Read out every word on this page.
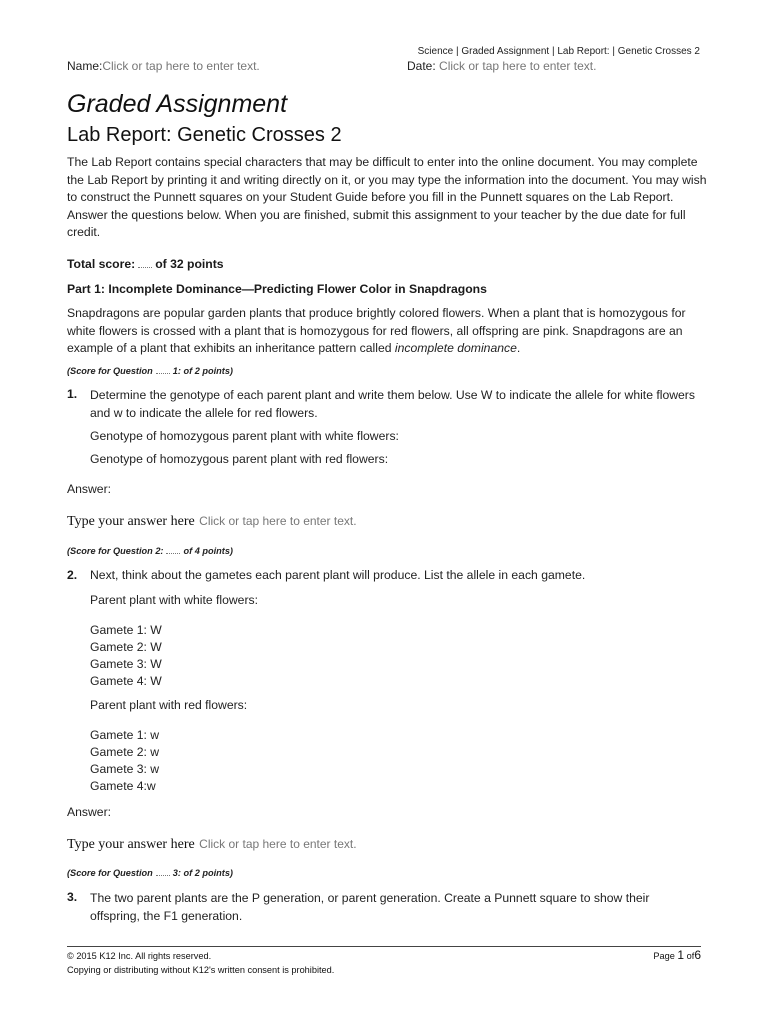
Science | Graded Assignment | Lab Report: | Genetic Crosses 2
Name:Click or tap here to enter text.	Date: Click or tap here to enter text.
Graded Assignment
Lab Report: Genetic Crosses 2
The Lab Report contains special characters that may be difficult to enter into the online document. You may complete the Lab Report by printing it and writing directly on it, or you may type the information into the document. You may wish to construct the Punnett squares on your Student Guide before you fill in the Punnett squares on the Lab Report. Answer the questions below. When you are finished, submit this assignment to your teacher by the due date for full credit.
Total score: of 32 points
Part 1: Incomplete Dominance—Predicting Flower Color in Snapdragons
Snapdragons are popular garden plants that produce brightly colored flowers. When a plant that is homozygous for white flowers is crossed with a plant that is homozygous for red flowers, all offspring are pink. Snapdragons are an example of a plant that exhibits an inheritance pattern called incomplete dominance.
(Score for Question 1: of 2 points)
1. Determine the genotype of each parent plant and write them below. Use W to indicate the allele for white flowers and w to indicate the allele for red flowers.
Genotype of homozygous parent plant with white flowers:
Genotype of homozygous parent plant with red flowers:
Answer:
Type your answer here Click or tap here to enter text.
(Score for Question 2: of 4 points)
2. Next, think about the gametes each parent plant will produce. List the allele in each gamete.
Parent plant with white flowers:
Gamete 1: W
Gamete 2: W
Gamete 3: W
Gamete 4: W
Parent plant with red flowers:
Gamete 1: w
Gamete 2: w
Gamete 3: w
Gamete 4:w
Answer:
Type your answer here Click or tap here to enter text.
(Score for Question 3: of 2 points)
3. The two parent plants are the P generation, or parent generation. Create a Punnett square to show their offspring, the F1 generation.
© 2015 K12 Inc. All rights reserved.
Copying or distributing without K12's written consent is prohibited.
Page 1 of6
